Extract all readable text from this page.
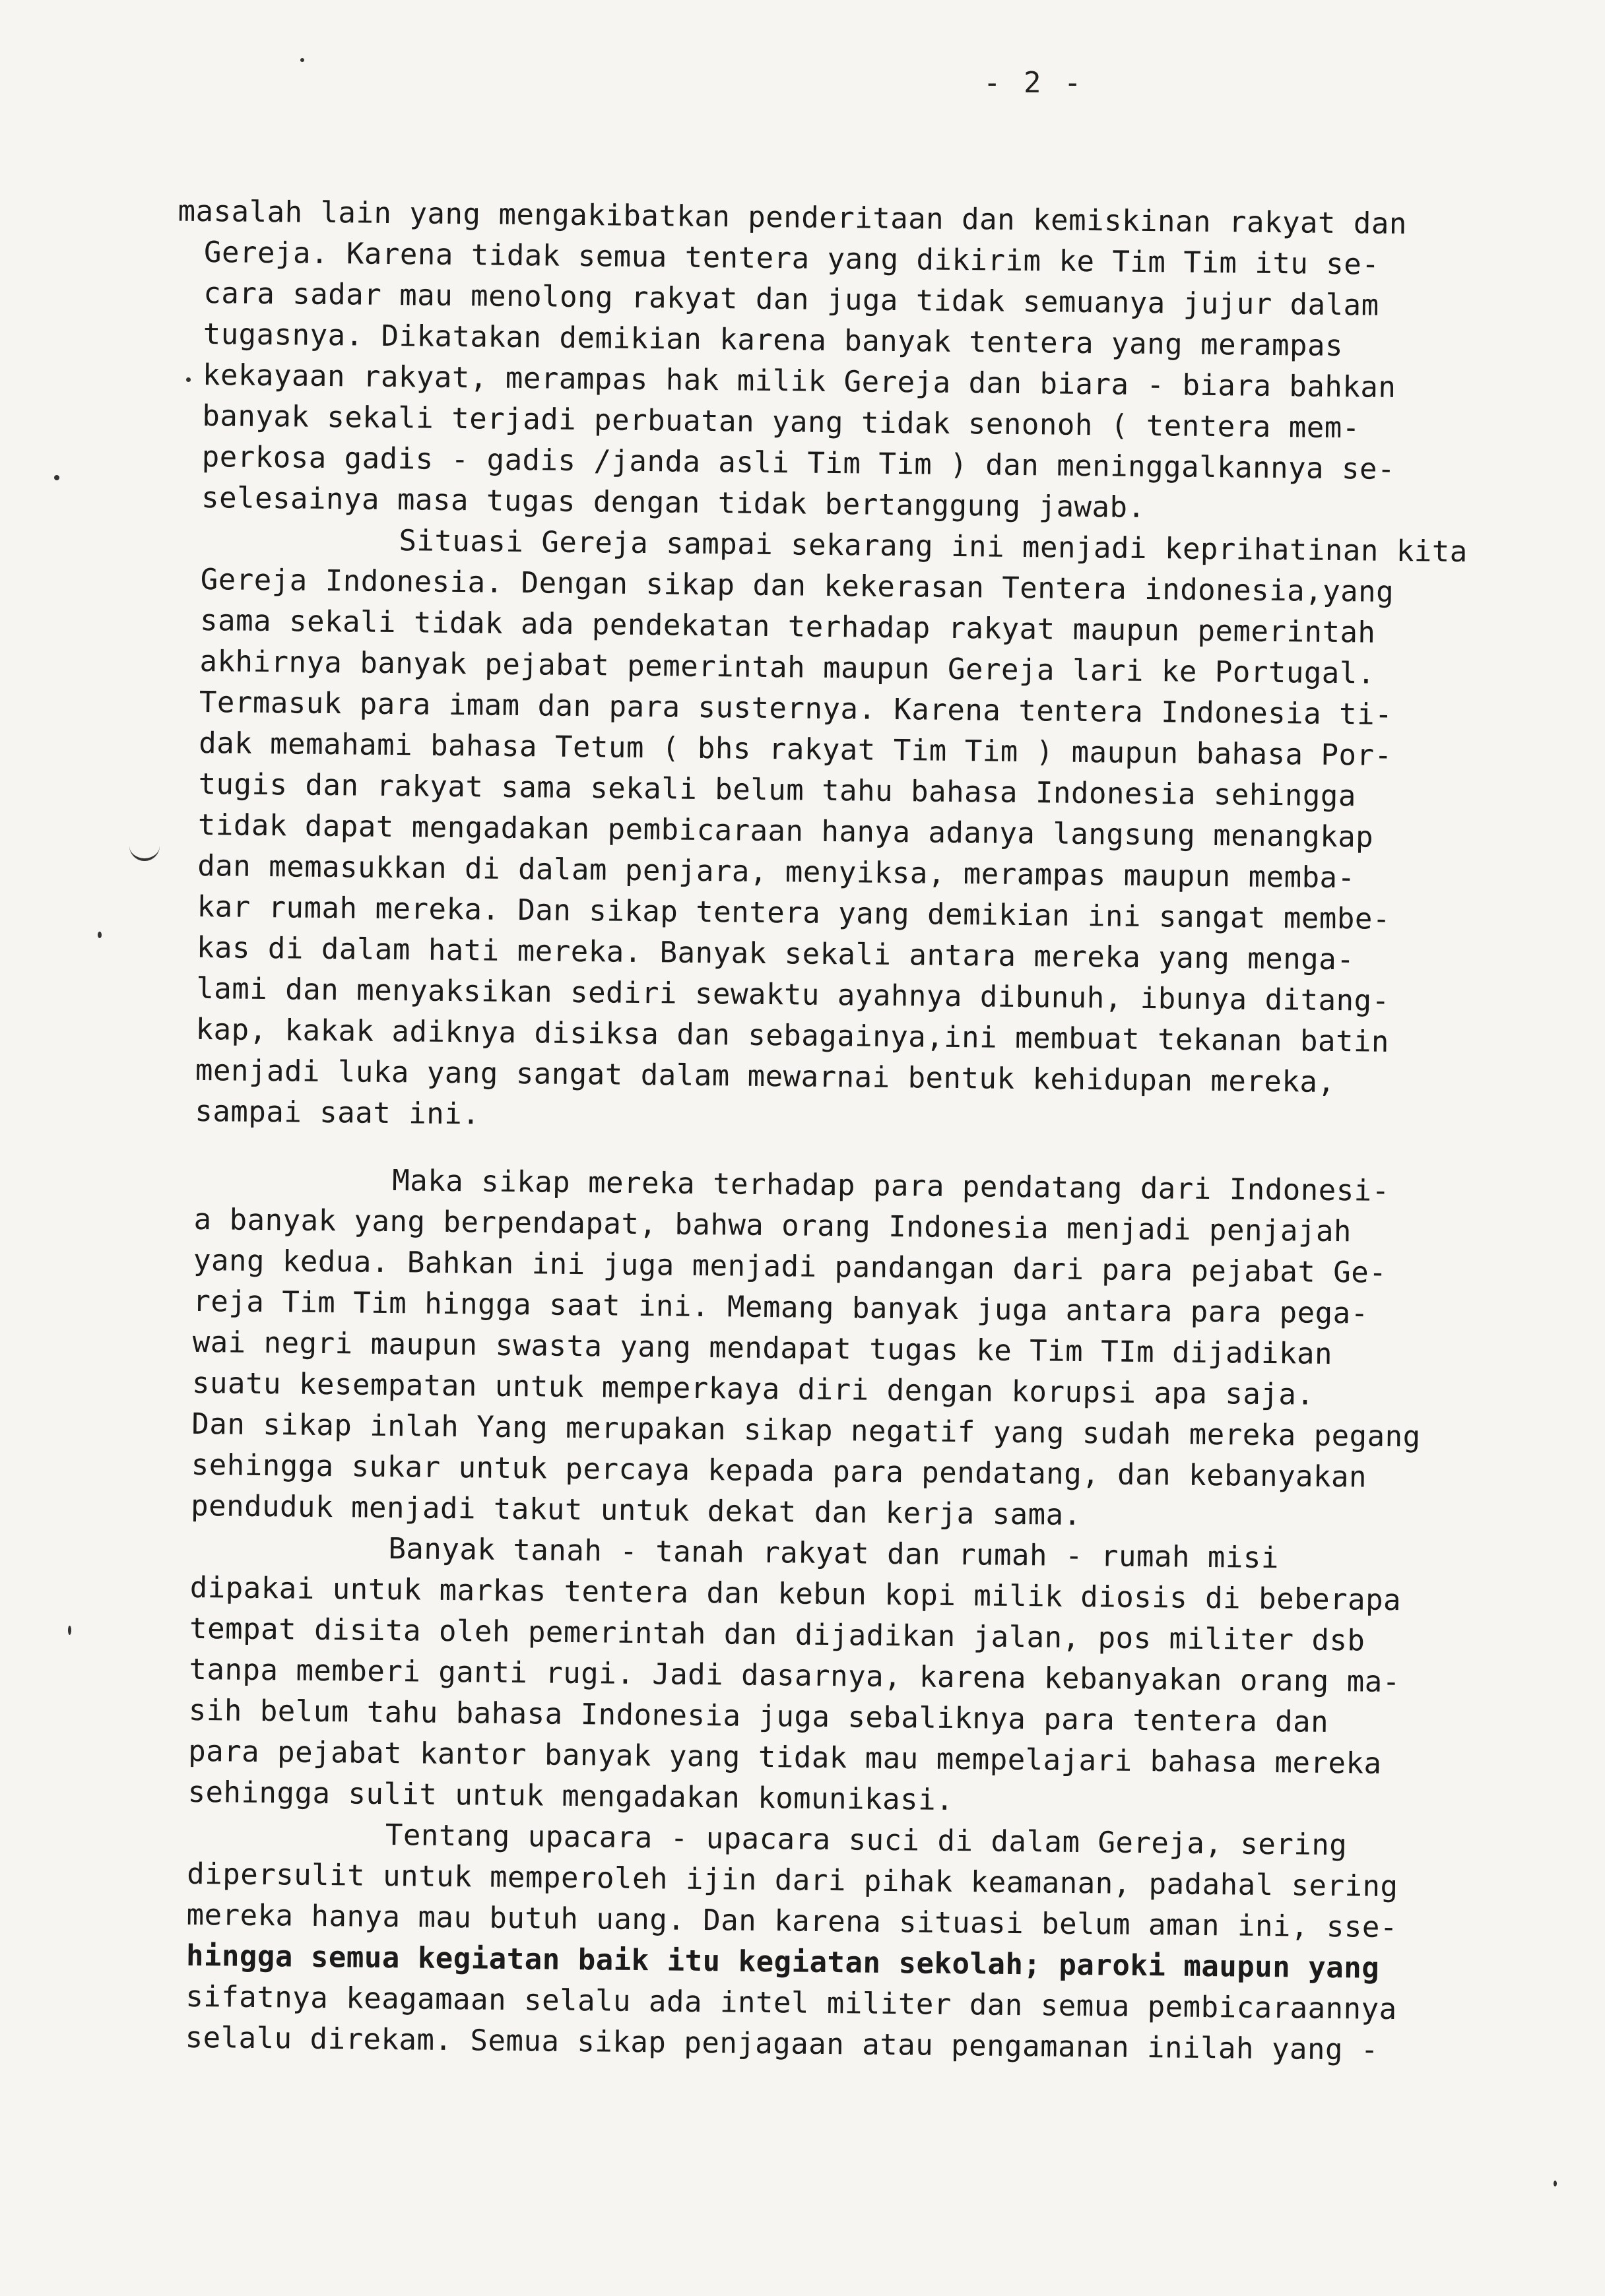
- 2 -
masalah lain yang mengakibatkan penderitaan dan kemiskinan rakyat dan
Gereja. Karena tidak semua tentera yang dikirim ke Tim Tim itu se-
cara sadar mau menolong rakyat dan juga tidak semuanya jujur dalam
tugasnya. Dikatakan demikian karena banyak tentera yang merampas
kekayaan rakyat, merampas hak milik Gereja dan biara - biara bahkan
banyak sekali terjadi perbuatan yang tidak senonoh ( tentera mem-
perkosa gadis - gadis /janda asli Tim Tim ) dan meninggalkannya se-
selesainya masa tugas dengan tidak bertanggung jawab.
Situasi Gereja sampai sekarang ini menjadi keprihatinan kita
Gereja Indonesia. Dengan sikap dan kekerasan Tentera indonesia,yang
sama sekali tidak ada pendekatan terhadap rakyat maupun pemerintah
akhirnya banyak pejabat pemerintah maupun Gereja lari ke Portugal.
Termasuk para imam dan para susternya. Karena tentera Indonesia ti-
dak memahami bahasa Tetum ( bhs rakyat Tim Tim ) maupun bahasa Por-
tugis dan rakyat sama sekali belum tahu bahasa Indonesia sehingga
tidak dapat mengadakan pembicaraan hanya adanya langsung menangkap
dan memasukkan di dalam penjara, menyiksa, merampas maupun memba-
kar rumah mereka. Dan sikap tentera yang demikian ini sangat membe-
kas di dalam hati mereka. Banyak sekali antara mereka yang menga-
lami dan menyaksikan sediri sewaktu ayahnya dibunuh, ibunya ditang-
kap, kakak adiknya disiksa dan sebagainya,ini membuat tekanan batin
menjadi luka yang sangat dalam mewarnai bentuk kehidupan mereka,
sampai saat ini.
Maka sikap mereka terhadap para pendatang dari Indonesi-
a banyak yang berpendapat, bahwa orang Indonesia menjadi penjajah
yang kedua. Bahkan ini juga menjadi pandangan dari para pejabat Ge-
reja Tim Tim hingga saat ini. Memang banyak juga antara para pega-
wai negri maupun swasta yang mendapat tugas ke Tim TIm dijadikan
suatu kesempatan untuk memperkaya diri dengan korupsi apa saja.
Dan sikap inlah Yang merupakan sikap negatif yang sudah mereka pegang
sehingga sukar untuk percaya kepada para pendatang, dan kebanyakan
penduduk menjadi takut untuk dekat dan kerja sama.
Banyak tanah - tanah rakyat dan rumah - rumah misi
dipakai untuk markas tentera dan kebun kopi milik diosis di beberapa
tempat disita oleh pemerintah dan dijadikan jalan, pos militer dsb
tanpa memberi ganti rugi. Jadi dasarnya, karena kebanyakan orang ma-
sih belum tahu bahasa Indonesia juga sebaliknya para tentera dan
para pejabat kantor banyak yang tidak mau mempelajari bahasa mereka
sehingga sulit untuk mengadakan komunikasi.
Tentang upacara - upacara suci di dalam Gereja, sering
dipersulit untuk memperoleh ijin dari pihak keamanan, padahal sering
mereka hanya mau butuh uang. Dan karena situasi belum aman ini, sse-
hingga semua kegiatan baik itu kegiatan sekolah; paroki maupun yang
sifatnya keagamaan selalu ada intel militer dan semua pembicaraannya
selalu direkam. Semua sikap penjagaan atau pengamanan inilah yang -
